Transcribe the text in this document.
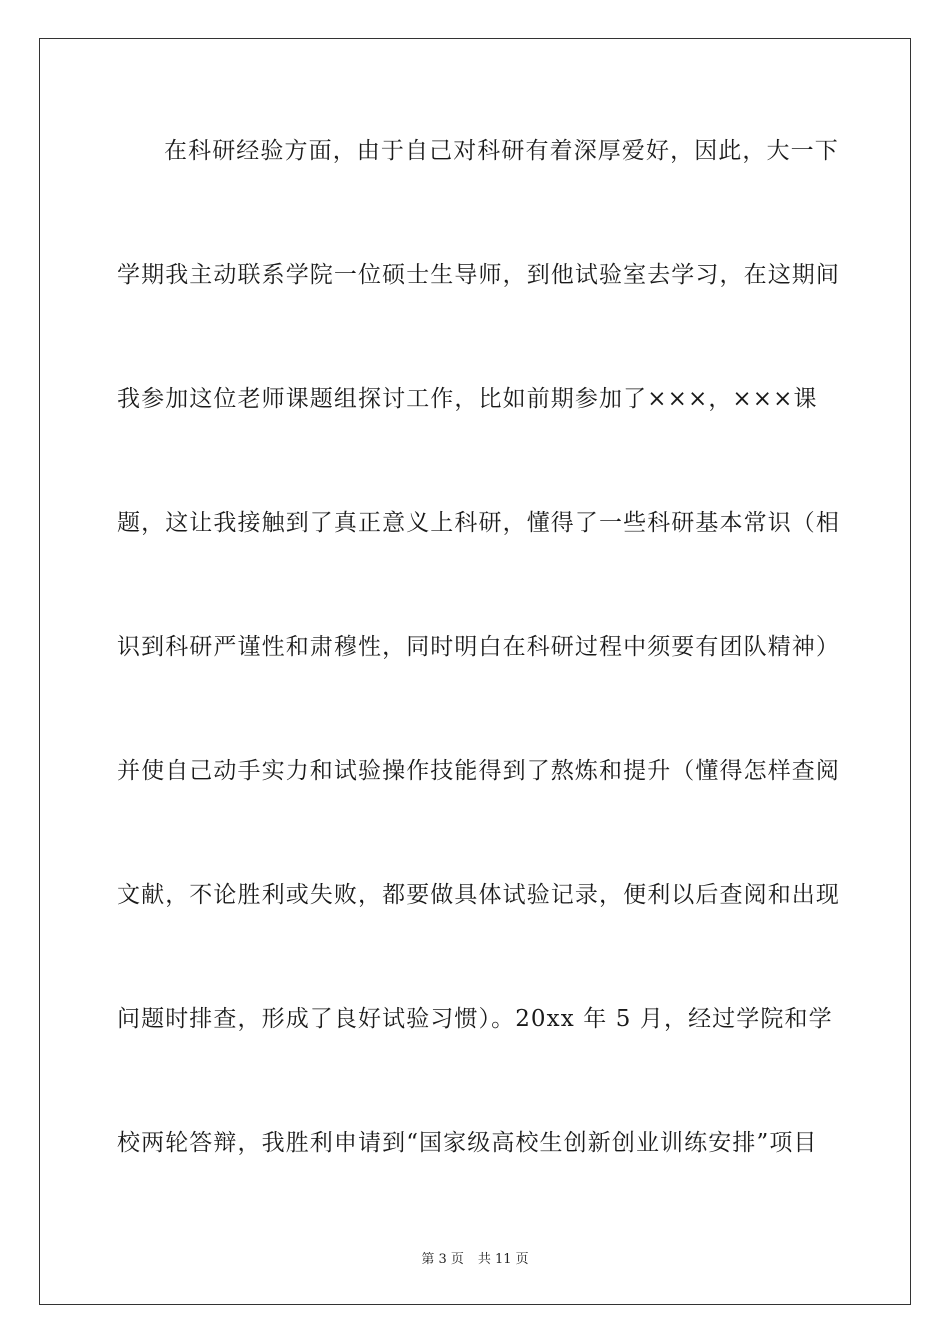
在科研经验方面，由于自己对科研有着深厚爱好，因此，大一下
学期我主动联系学院一位硕士生导师，到他试验室去学习，在这期间
我参加这位老师课题组探讨工作，比如前期参加了×××，×××课
题，这让我接触到了真正意义上科研，懂得了一些科研基本常识（相
识到科研严谨性和肃穆性，同时明白在科研过程中须要有团队精神）
并使自己动手实力和试验操作技能得到了熬炼和提升（懂得怎样查阅
文献，不论胜利或失败，都要做具体试验记录，便利以后查阅和出现
问题时排查，形成了良好试验习惯）。20xx 年 5 月，经过学院和学
校两轮答辩，我胜利申请到“国家级高校生创新创业训练安排”项目
第 3 页 共 11 页
